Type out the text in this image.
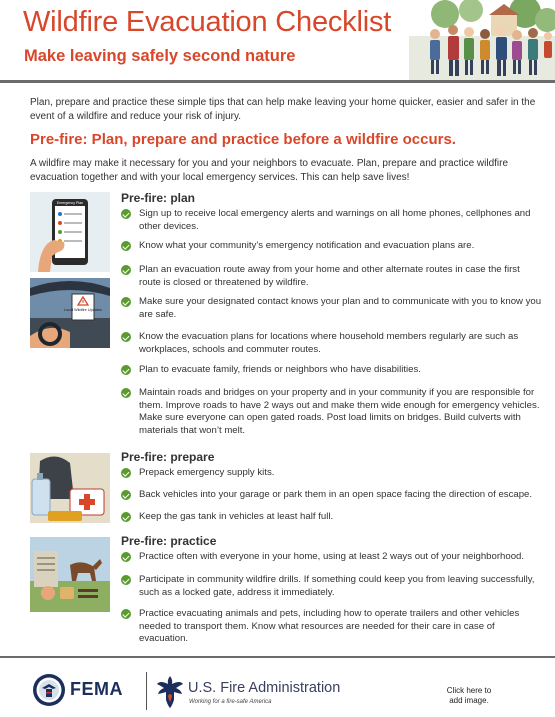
Wildfire Evacuation Checklist
Make leaving safely second nature
Plan, prepare and practice these simple tips that can help make leaving your home quicker, easier and safer in the event of a wildfire and reduce your risk of injury.
Pre-fire: Plan, prepare and practice before a wildfire occurs.
A wildfire may make it necessary for you and your neighbors to evacuate. Plan, prepare and practice wildfire evacuation together and with your local emergency services. This can help save lives!
Emergency Plan
Local Wildfire Updates
Pre-fire: plan
Sign up to receive local emergency alerts and warnings on all home phones, cellphones and other devices.
Know what your community’s emergency notification and evacuation plans are.
Plan an evacuation route away from your home and other alternate routes in case the first route is closed or threatened by wildfire.
Make sure your designated contact knows your plan and to communicate with you to know you are safe.
Know the evacuation plans for locations where household members regularly are such as workplaces, schools and commuter routes.
Plan to evacuate family, friends or neighbors who have disabilities.
Maintain roads and bridges on your property and in your community if you are responsible for them. Improve roads to have 2 ways out and make them wide enough for emergency vehicles. Make sure everyone can open gated roads. Post load limits on bridges. Build culverts with materials that won’t melt.
Pre-fire: prepare
Prepack emergency supply kits.
Back vehicles into your garage or park them in an open space facing the direction of escape.
Keep the gas tank in vehicles at least half full.
Pre-fire: practice
Practice often with everyone in your home, using at least 2 ways out of your neighborhood.
Participate in community wildfire drills. If something could keep you from leaving successfully, such as a locked gate, address it immediately.
Practice evacuating animals and pets, including how to operate trailers and other vehicles needed to transport them. Know what resources are needed for their care in case of evacuation.
FEMA	U.S. Fire Administration
Working for a fire-safe America
Click here to add image.
